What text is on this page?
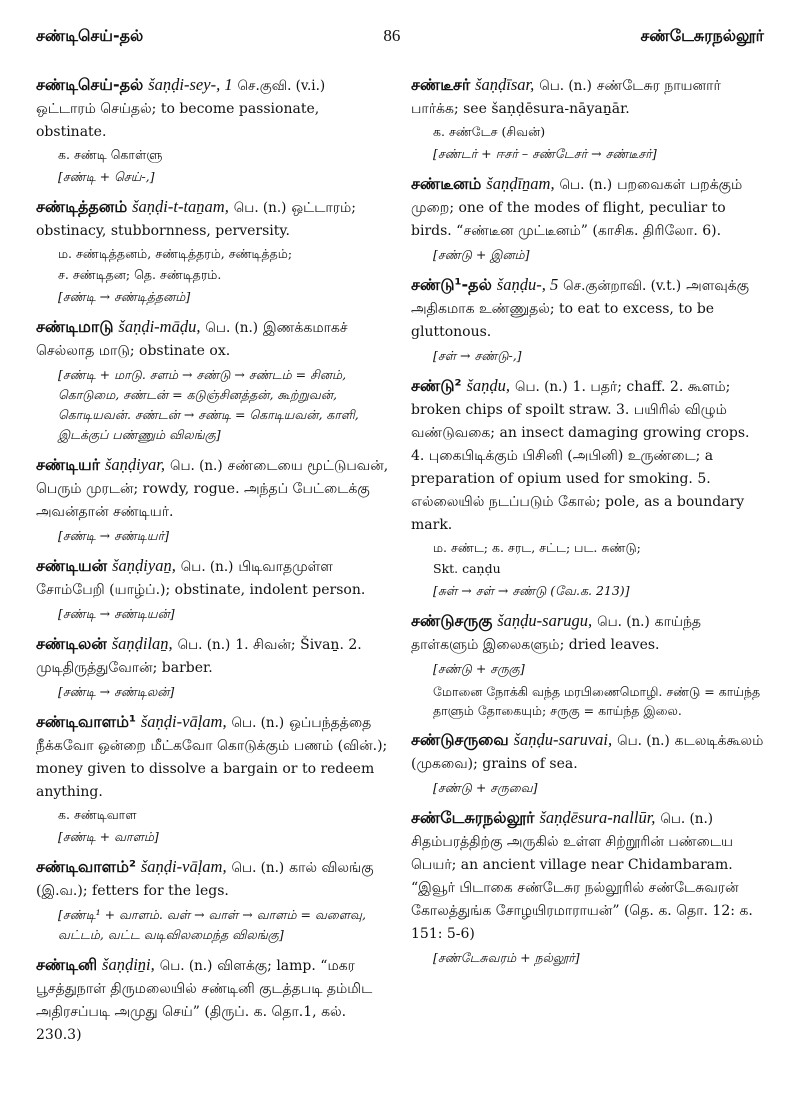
சண்டிசெய்-தல்	86	சண்டேசுரநல்லூர்
சண்டிசெய்-தல் šaṇḍi-sey-, 1 செ.குவி. (v.i.) ஒட்டாரம் செய்தல்; to become passionate, obstinate.
க. சண்டி கொள்ளு
[சண்டி + செய்-,]
சண்டித்தனம் šaṇḍi-t-taṉam, பெ. (n.) ஒட்டாரம்; obstinacy, stubbornness, perversity.
ம. சண்டித்தனம், சண்டித்தரம், சண்டித்தம்;
ச. சண்டிதன; தெ. சண்டிதரம்.
[சண்டி → சண்டித்தனம்]
சண்டிமாடு šaṇḍi-māḍu, பெ. (n.) இணக்கமாகச் செல்லாத மாடு; obstinate ox.
[சண்டி + மாடு. சளம் → சண்டு → சண்டம் = சினம், கொடுமை, சண்டன் = கடுஞ்சினத்தன், கூற்றுவன், கொடியவன். சண்டன் → சண்டி = கொடியவன், காளி, இடக்குப் பண்ணும் விலங்கு]
சண்டியர் šaṇḍiyar, பெ. (n.) சண்டையை மூட்டுபவன், பெரும் முரடன்; rowdy, rogue. அந்தப் பேட்டைக்கு அவன்தான் சண்டியர்.
[சண்டி → சண்டியர்]
சண்டியன் šaṇḍiyaṉ, பெ. (n.) பிடிவாதமுள்ள சோம்பேறி (யாழ்ப்.); obstinate, indolent person.
[சண்டி → சண்டியன்]
சண்டிலன் šaṇḍilaṉ, பெ. (n.) 1. சிவன்; Šivaṉ. 2. முடிதிருத்துவோன்; barber.
[சண்டி → சண்டிலன்]
சண்டிவாளம்¹ šaṇḍi-vāḷam, பெ. (n.) ஒப்பந்தத்தை நீக்கவோ ஒன்றை மீட்கவோ கொடுக்கும் பணம் (வின்.); money given to dissolve a bargain or to redeem anything.
க. சண்டிவாள
[சண்டி + வாளம்]
சண்டிவாளம்² šaṇḍi-vāḷam, பெ. (n.) கால் விலங்கு (இ.வ.); fetters for the legs.
[சண்டி¹ + வாளம். வள் → வாள் → வாளம் = வளைவு, வட்டம், வட்ட வடிவிலமைந்த விலங்கு]
சண்டினி šaṇḍiṉi, பெ. (n.) விளக்கு; lamp. “மகர பூசத்துநாள் திருமலையில் சண்டினி குடத்தபடி தம்மிட அதிரசப்படி அமுது செய்” (திருப். க. தொ.1, கல். 230.3)
சண்டீசர் šaṇḍīsar, பெ. (n.) சண்டேசுர நாயனார் பார்க்க; see šaṇḍēsura-nāyaṉār.
க. சண்டேச (சிவன்)
[சண்டர் + ஈசர் – சண்டேசர் → சண்டீசர்]
சண்டீனம் šaṇḍīṉam, பெ. (n.) பறவைகள் பறக்கும் முறை; one of the modes of flight, peculiar to birds. “சண்டீன முட்டீனம்” (காசிக. திரிலோ. 6).
[சண்டு + இனம்]
சண்டு¹-தல் šaṇḍu-, 5 செ.குன்றாவி. (v.t.) அளவுக்கு அதிகமாக உண்ணுதல்; to eat to excess, to be gluttonous.
[சள் → சண்டு-,]
சண்டு² šaṇḍu, பெ. (n.) 1. பதர்; chaff. 2. கூளம்; broken chips of spoilt straw. 3. பயிரில் விழும் வண்டுவகை; an insect damaging growing crops. 4. புகைபிடிக்கும் பிசினி (அபினி) உருண்டை; a preparation of opium used for smoking. 5. எல்லையில் நடப்படும் கோல்; pole, as a boundary mark.
ம. சண்ட; க. சரட, சட்ட; பட. சுண்டு;
Skt. caṇḍu
[சுள் → சள் → சண்டு (வே.க. 213)]
சண்டுசருகு šaṇḍu-sarugu, பெ. (n.) காய்ந்த தாள்களும் இலைகளும்; dried leaves.
[சண்டு + சருகு]
மோனை நோக்கி வந்த மரபிணைமொழி. சண்டு = காய்ந்த தாளும் தோகையும்; சருகு = காய்ந்த இலை.
சண்டுசருவை šaṇḍu-saruvai, பெ. (n.) கடலடிக்கூலம் (முகவை); grains of sea.
[சண்டு + சருவை]
சண்டேசுரநல்லூர் šaṇḍēsura-nallūr, பெ. (n.) சிதம்பரத்திற்கு அருகில் உள்ள சிற்றூரின் பண்டைய பெயர்; an ancient village near Chidambaram. “இவூர் பிடாகை சண்டேசுர நல்லூரில் சண்டேசுவரன் கோலத்துங்க சோழயிரமாராயன்” (தெ. க. தொ. 12: க. 151: 5-6)
[சண்டேசுவரம் + நல்லூர்]
